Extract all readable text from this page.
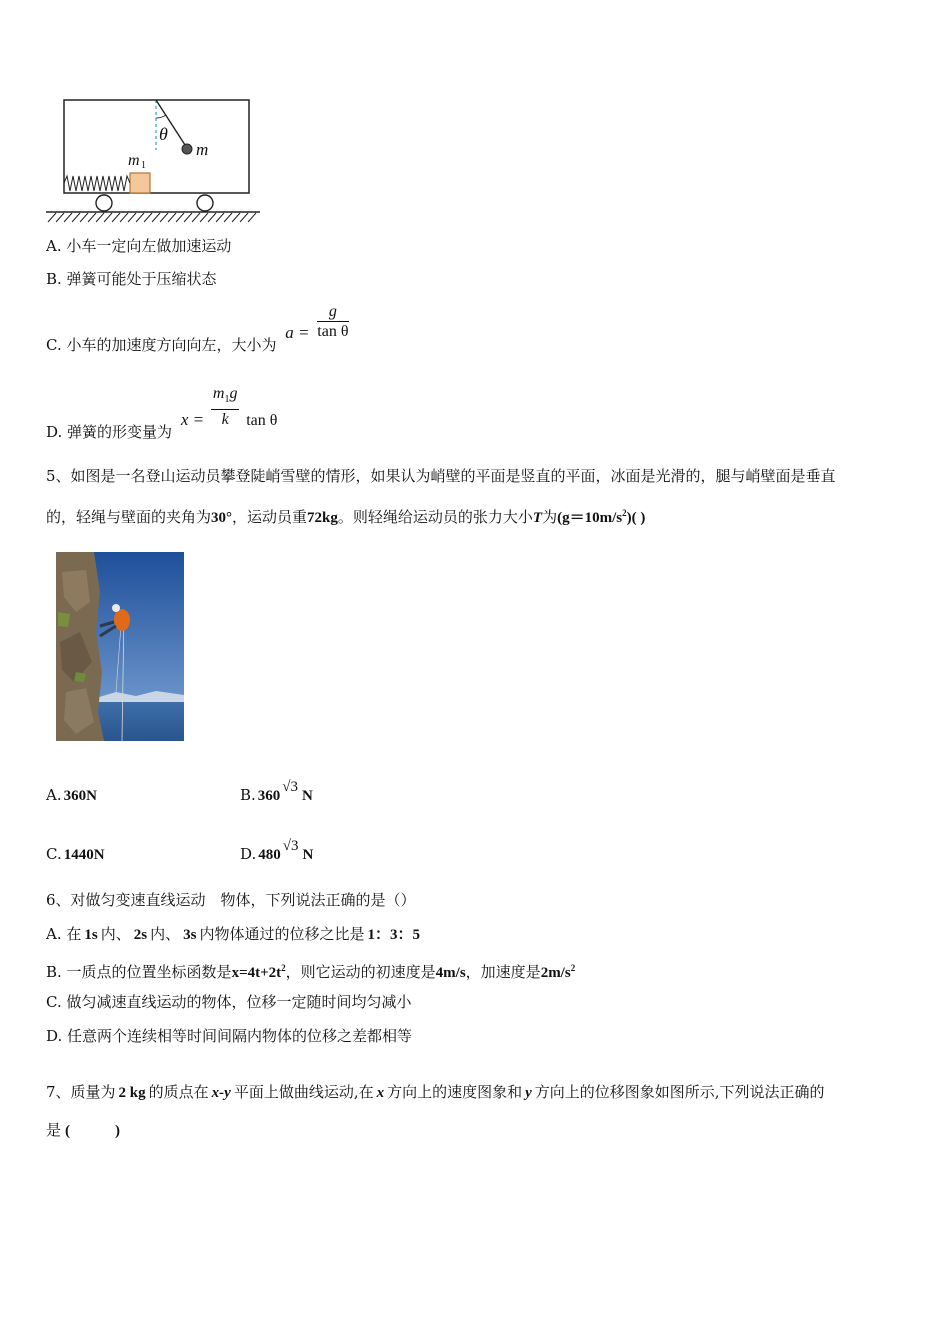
θ
m
m 1
A. 小车一定向左做加速运动
B. 弹簧可能处于压缩状态
C. 小车的加速度方向向左，大小为 $a = \frac{g}{\text{tan θ}}$
D. 弹簧的形变量为 $x = \frac{m_1g}{k}$ tan θ
5、如图是一名登山运动员攀登陡峭雪壁的情形，如果认为峭壁的平面是竖直的平面，冰面是光滑的，腿与峭壁面是垂直
的，轻绳与壁面的夹角为30°，运动员重72kg。则轻绳给运动员的张力大小T为$(g=10m/s^2)$( )
A. 360N	B. 360√3N
C. 1440N	D. 480√3N
6、对做匀变速直线运动　物体，下列说法正确的是（）
A. 在 1s 内、 2s 内、 3s 内物体通过的位移之比是 1：3：5
B. 一质点的位置坐标函数是$x=4t+2t^2$，则它运动的初速度是4m/s，加速度是$2m/s^2$
C. 做匀减速直线运动的物体，位移一定随时间均匀减小
D. 任意两个连续相等时间间隔内物体的位移之差都相等
7、质量为 2 kg 的质点在 x-y 平面上做曲线运动,在 x 方向上的速度图象和 y 方向上的位移图象如图所示,下列说法正确的
是 (　　　)
